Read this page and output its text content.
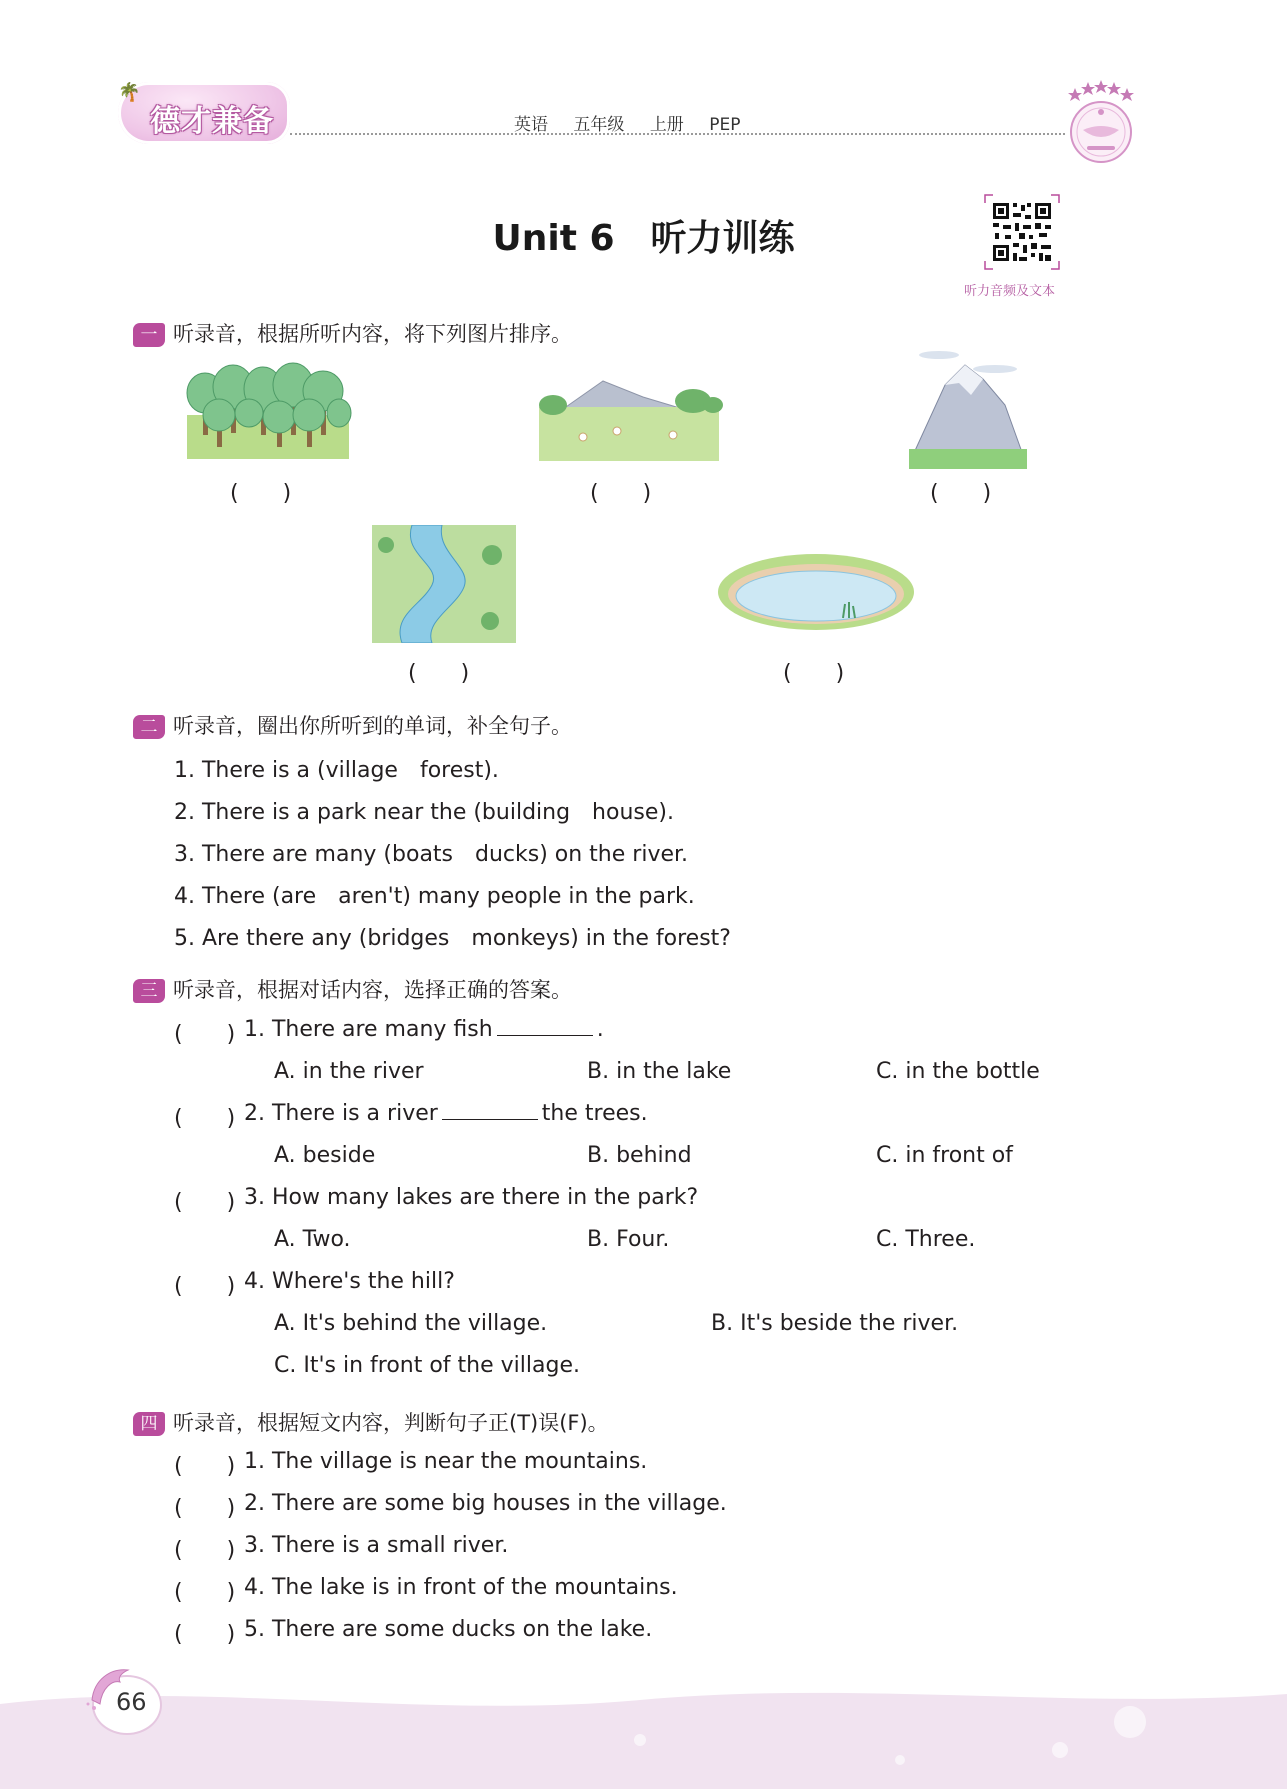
🌴
德才兼备	英语 五年级 上册 PEP
Unit 6　听力训练
听力音频及文本
一 听录音，根据所听内容，将下列图片排序。
(　　)	(　　)	(　　)
(　　)	(　　)
二 听录音，圈出你所听到的单词，补全句子。
1. There is a (village　forest).
2. There is a park near the (building　house).
3. There are many (boats　ducks) on the river.
4. There (are　aren't) many people in the park.
5. Are there any (bridges　monkeys) in the forest?
三 听录音，根据对话内容，选择正确的答案。
(　　) 1. There are many fish	.
A. in the river	B. in the lake	C. in the bottle
(　　) 2. There is a river	the trees.
A. beside	B. behind	C. in front of
(　　) 3. How many lakes are there in the park?
A. Two.	B. Four.	C. Three.
(　　) 4. Where's the hill?
A. It's behind the village.	B. It's beside the river.
C. It's in front of the village.
四 听录音，根据短文内容，判断句子正(T)误(F)。
(　　) 1. The village is near the mountains.
(　　) 2. There are some big houses in the village.
(　　) 3. There is a small river.
(　　) 4. The lake is in front of the mountains.
(　　) 5. There are some ducks on the lake.
66
